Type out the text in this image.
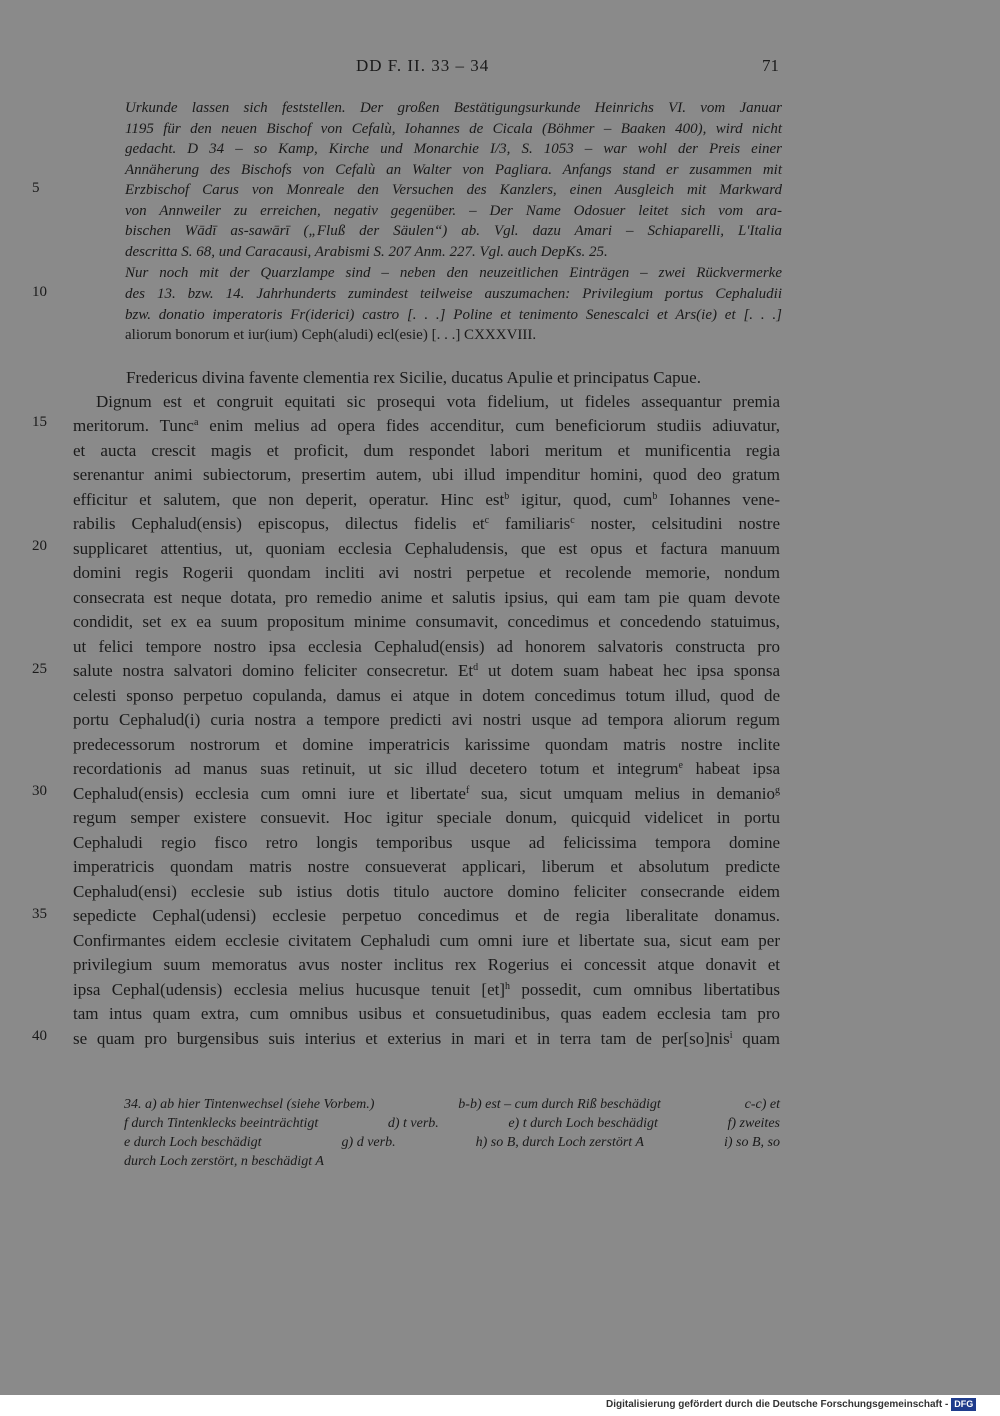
DD F. II. 33 – 34	71
Urkunde lassen sich feststellen. Der großen Bestätigungsurkunde Heinrichs VI. vom Januar
1195 für den neuen Bischof von Cefalù, Iohannes de Cicala (Böhmer – Baaken 400), wird nicht
gedacht. D 34 – so Kamp, Kirche und Monarchie I/3, S. 1053 – war wohl der Preis einer
Annäherung des Bischofs von Cefalù an Walter von Pagliara. Anfangs stand er zusammen mit
Erzbischof Carus von Monreale den Versuchen des Kanzlers, einen Ausgleich mit Markward
von Annweiler zu erreichen, negativ gegenüber. – Der Name Odosuer leitet sich vom ara-
bischen Wādī as-sawārī („Fluß der Säulen“) ab. Vgl. dazu Amari – Schiaparelli, L'Italia
descritta S. 68, und Caracausi, Arabismi S. 207 Anm. 227. Vgl. auch DepKs. 25.
Nur noch mit der Quarzlampe sind – neben den neuzeitlichen Einträgen – zwei Rückvermerke
des 13. bzw. 14. Jahrhunderts zumindest teilweise auszumachen: Privilegium portus Cephaludii
bzw. donatio imperatoris Fr(iderici) castro [. . .] Poline et tenimento Senescalci et Ars(ie) et [. . .]
aliorum bonorum et iur(ium) Ceph(aludi) ecl(esie) [. . .] CXXXVIII.
5
10
15
20
25
30
35
40
Fredericus divina favente clementia rex Sicilie, ducatus Apulie et principatus Capue.
Dignum est et congruit equitati sic prosequi vota fidelium, ut fideles assequantur premia
meritorum. Tunc$^a$ enim melius ad opera fides accenditur, cum beneficiorum studiis adiuvatur,
et aucta crescit magis et proficit, dum respondet labori meritum et munificentia regia
serenantur animi subiectorum, presertim autem, ubi illud impenditur homini, quod deo gratum
efficitur et salutem, que non deperit, operatur. Hinc est$^b$ igitur, quod, cum$^b$ Iohannes vene-
rabilis Cephalud(ensis) episcopus, dilectus fidelis $et^c$ familiaris$^c$ noster, celsitudini nostre
supplicaret attentius, ut, quoniam ecclesia Cephaludensis, que est opus et factura manuum
domini regis Rogerii quondam incliti avi nostri perpetue et recolende memorie, nondum
consecrata est neque dotata, pro remedio anime et salutis ipsius, qui eam tam pie quam devote
condidit, set ex ea suum propositum minime consumavit, concedimus et concedendo statuimus,
ut felici tempore nostro ipsa ecclesia Cephalud(ensis) ad honorem salvatoris constructa pro
salute nostra salvatori domino feliciter consecretur. Et$^d$ ut dotem suam habeat hec ipsa sponsa
celesti sponso perpetuo copulanda, damus ei atque in dotem concedimus totum illud, quod de
portu Cephalud(i) curia nostra a tempore predicti avi nostri usque ad tempora aliorum regum
predecessorum nostrorum et domine imperatricis karissime quondam matris nostre inclite
recordationis ad manus suas retinuit, ut sic illud decetero totum et integrum$^e$ habeat ipsa
Cephalud(ensis) ecclesia cum omni iure et libertate$^f$ sua, sicut umquam melius in demanio$^g$
regum semper existere consuevit. Hoc igitur speciale donum, quicquid videlicet in portu
Cephaludi regio fisco retro longis temporibus usque ad felicissima tempora domine
imperatricis quondam matris nostre consueverat applicari, liberum et absolutum predicte
Cephalud(ensi) ecclesie sub istius dotis titulo auctore domino feliciter consecrande eidem
sepedicte Cephal(udensi) ecclesie perpetuo concedimus et de regia liberalitate donamus.
Confirmantes eidem ecclesie civitatem Cephaludi cum omni iure et libertate sua, sicut eam per
privilegium suum memoratus avus noster inclitus rex Rogerius ei concessit atque donavit et
ipsa Cephal(udensis) ecclesia melius hucusque tenuit [et]$^h$ possedit, cum omnibus libertatibus
tam intus quam extra, cum omnibus usibus et consuetudinibus, quas eadem ecclesia tam pro
se quam pro burgensibus suis interius et exterius in mari et in terra tam de per[so]nis$^i$ quam
34. a) ab hier Tintenwechsel (siehe Vorbem.)	b-b) est – cum durch Riß beschädigt	c-c) et
f durch Tintenklecks beeinträchtigt	d) t verb.	e) t durch Loch beschädigt	f) zweites
e durch Loch beschädigt	g) d verb.	h) so B, durch Loch zerstört A	i) so B, so
durch Loch zerstört, n beschädigt A
Digitalisierung gefördert durch die Deutsche Forschungsgemeinschaft - DFG
